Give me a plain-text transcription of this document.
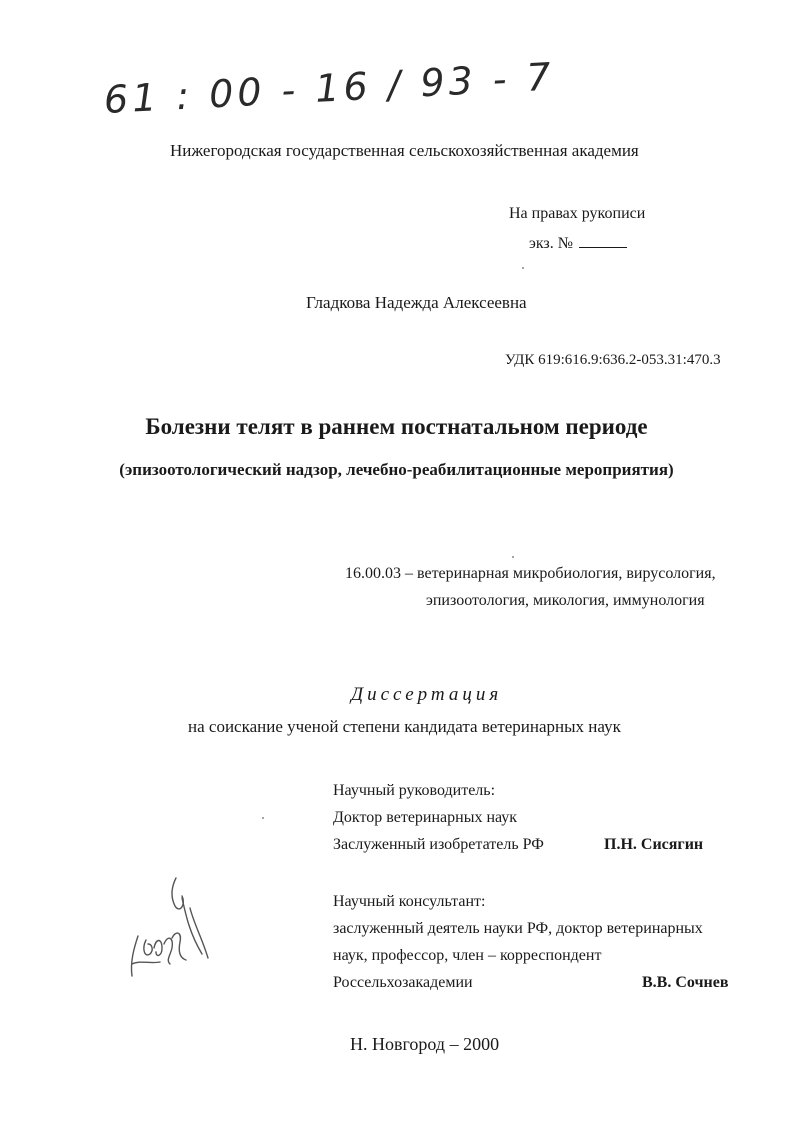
61 : 00 - 16 / 93 - 7
Нижегородская государственная сельскохозяйственная академия
На правах рукописи
экз. №
Гладкова Надежда Алексеевна
УДК 619:616.9:636.2-053.31:470.3
Болезни телят в раннем постнатальном периоде
(эпизоотологический надзор, лечебно-реабилитационные мероприятия)
16.00.03 – ветеринарная микробиология, вирусология,
эпизоотология, микология, иммунология
Диссертация
на соискание ученой степени кандидата ветеринарных наук
Научный руководитель:
Доктор ветеринарных наук
Заслуженный изобретатель РФ	П.Н. Сисягин
Научный консультант:
заслуженный деятель науки РФ, доктор ветеринарных
наук, профессор, член – корреспондент
Россельхозакадемии	В.В. Сочнев
Н. Новгород – 2000
